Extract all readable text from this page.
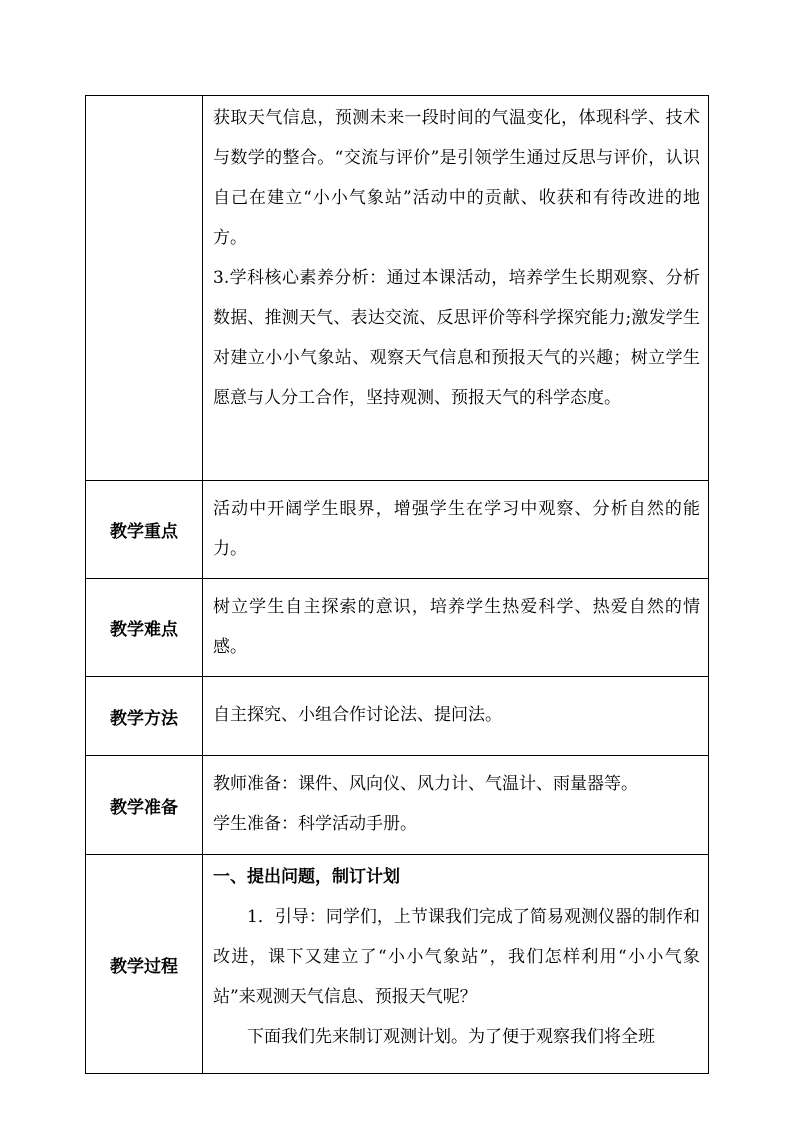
	获取天气信息，预测未来一段时间的气温变化，体现科学、技术与数学的整合。“交流与评价”是引领学生通过反思与评价，认识自己在建立“小小气象站”活动中的贡献、收获和有待改进的地方。

3.学科核心素养分析：通过本课活动，培养学生长期观察、分析数据、推测天气、表达交流、反思评价等科学探究能力;激发学生对建立小小气象站、观察天气信息和预报天气的兴趣；树立学生愿意与人分工合作，坚持观测、预报天气的科学态度。

教学重点	活动中开阔学生眼界，增强学生在学习中观察、分析自然的能力。

教学难点	树立学生自主探索的意识，培养学生热爱科学、热爱自然的情感。

教学方法	自主探究、小组合作讨论法、提问法。

教学准备	教师准备：课件、风向仪、风力计、气温计、雨量器等。

学生准备：科学活动手册。

教学过程	一、提出问题，制订计划

1．引导：同学们，上节课我们完成了简易观测仪器的制作和改进，课下又建立了“小小气象站”，我们怎样利用“小小气象站”来观测天气信息、预报天气呢？

下面我们先来制订观测计划。为了便于观察我们将全班
